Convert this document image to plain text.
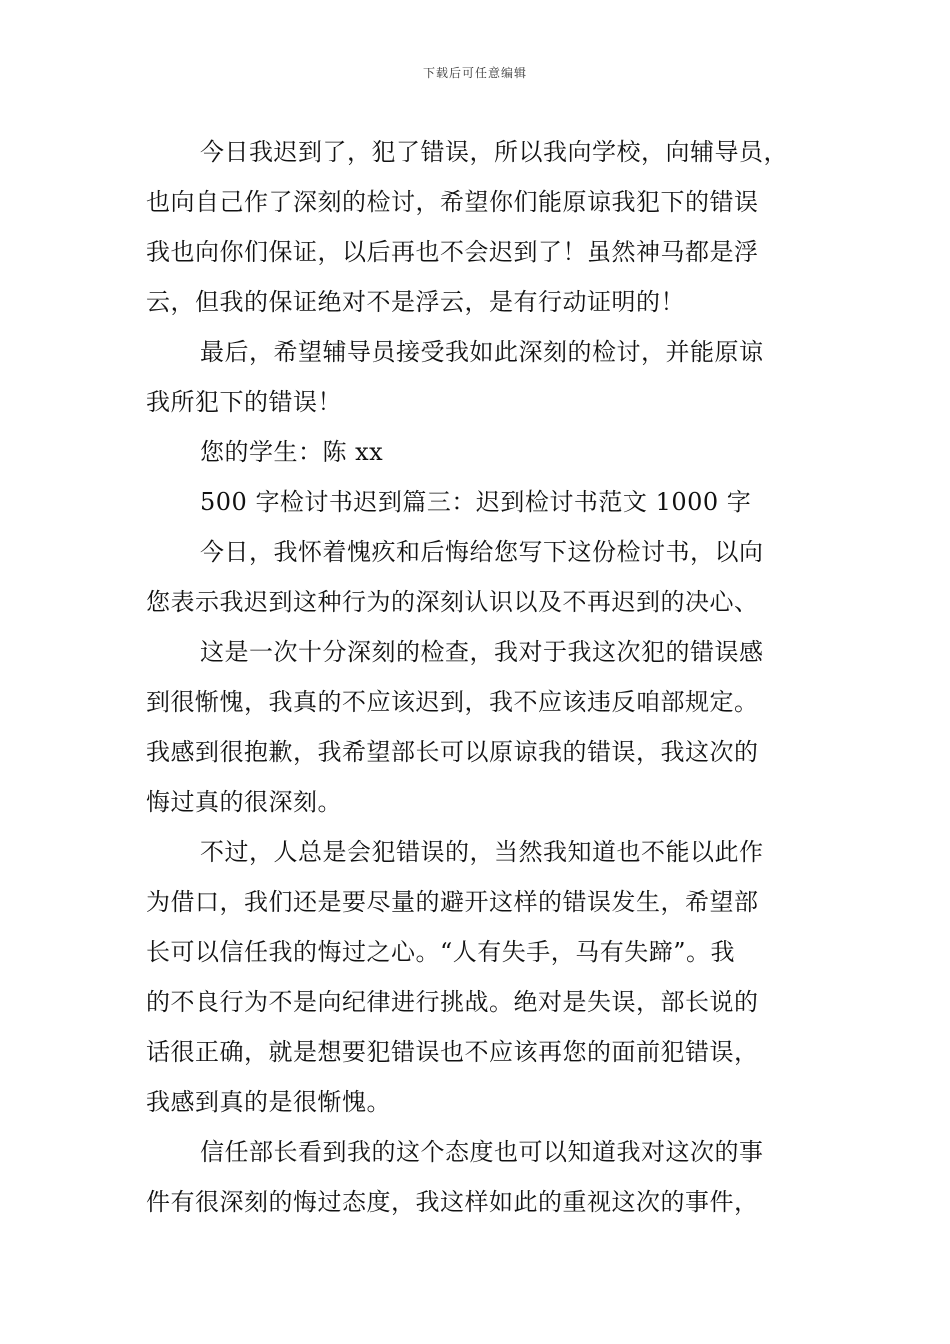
下载后可任意编辑
今日我迟到了，犯了错误，所以我向学校，向辅导员，
也向自己作了深刻的检讨，希望你们能原谅我犯下的错误
我也向你们保证，以后再也不会迟到了！虽然神马都是浮
云，但我的保证绝对不是浮云，是有行动证明的！
最后，希望辅导员接受我如此深刻的检讨，并能原谅
我所犯下的错误！
您的学生：陈 xx
500 字检讨书迟到篇三：迟到检讨书范文 1000 字
今日，我怀着愧疚和后悔给您写下这份检讨书，以向
您表示我迟到这种行为的深刻认识以及不再迟到的决心、
这是一次十分深刻的检查，我对于我这次犯的错误感
到很惭愧，我真的不应该迟到，我不应该违反咱部规定。
我感到很抱歉，我希望部长可以原谅我的错误，我这次的
悔过真的很深刻。
不过，人总是会犯错误的，当然我知道也不能以此作
为借口，我们还是要尽量的避开这样的错误发生，希望部
长可以信任我的悔过之心。“人有失手，马有失蹄”。我
的不良行为不是向纪律进行挑战。绝对是失误，部长说的
话很正确，就是想要犯错误也不应该再您的面前犯错误，
我感到真的是很惭愧。
信任部长看到我的这个态度也可以知道我对这次的事
件有很深刻的悔过态度，我这样如此的重视这次的事件，
